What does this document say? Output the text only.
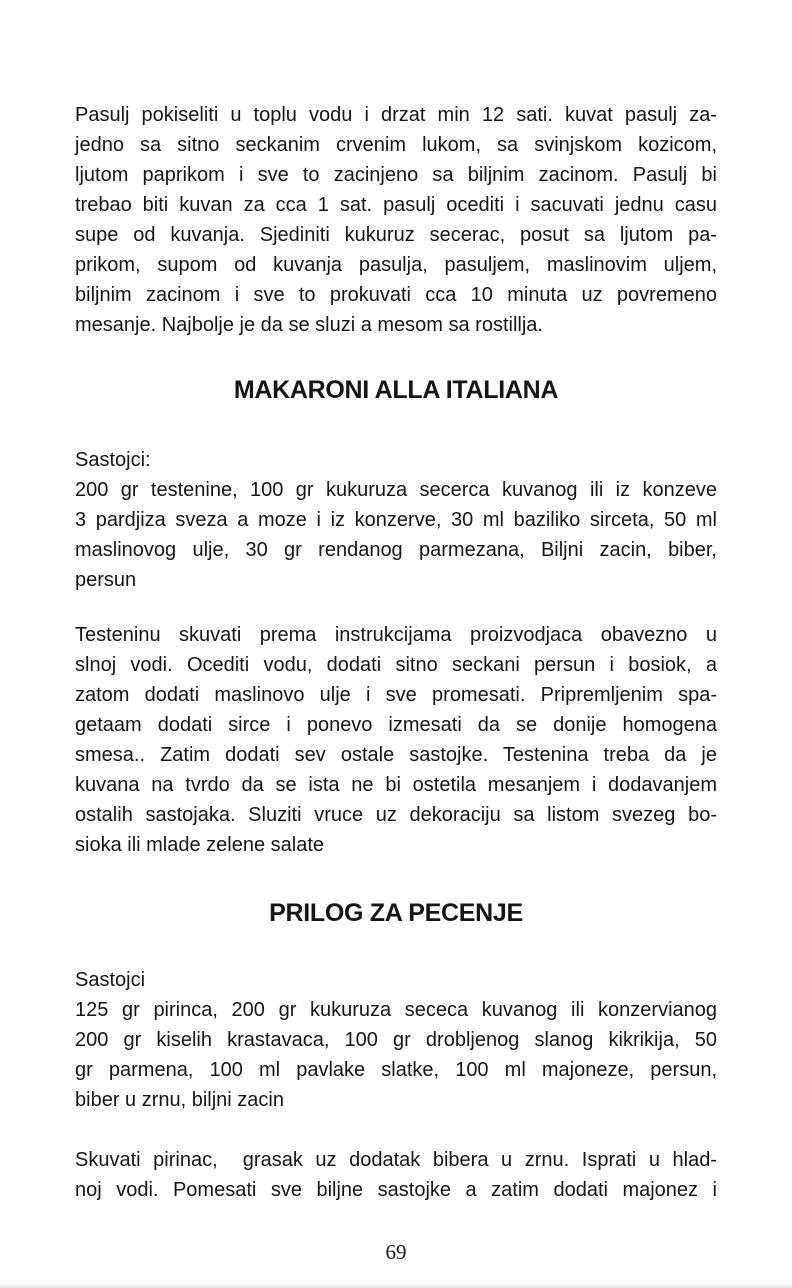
Pasulj pokiseliti u toplu vodu i drzat min 12 sati. kuvat pasulj za-
jedno sa sitno seckanim crvenim lukom, sa svinjskom kozicom,
ljutom paprikom i sve to zacinjeno sa biljnim zacinom. Pasulj bi
trebao biti kuvan za cca 1 sat. pasulj ocediti i sacuvati jednu casu
supe od kuvanja. Sjediniti kukuruz secerac, posut sa ljutom pa-
prikom, supom od kuvanja pasulja, pasuljem, maslinovim uljem,
biljnim zacinom i sve to prokuvati cca 10 minuta uz povremeno
mesanje. Najbolje je da se sluzi a mesom sa rostillja.
MAKARONI ALLA ITALIANA
Sastojci:
200 gr testenine, 100 gr kukuruza secerca kuvanog ili iz konzeve
3 pardjiza sveza a moze i iz konzerve, 30 ml baziliko sirceta, 50 ml
maslinovog ulje, 30 gr rendanog parmezana, Biljni zacin, biber,
persun
Testeninu skuvati prema instrukcijama proizvodjaca obavezno u
slnoj vodi. Ocediti vodu, dodati sitno seckani persun i bosiok, a
zatom dodati maslinovo ulje i sve promesati. Pripremljenim spa-
getaam dodati sirce i ponevo izmesati da se donije homogena
smesa.. Zatim dodati sev ostale sastojke. Testenina treba da je
kuvana na tvrdo da se ista ne bi ostetila mesanjem i dodavanjem
ostalih sastojaka. Sluziti vruce uz dekoraciju sa listom svezeg bo-
sioka ili mlade zelene salate
PRILOG ZA PECENJE
Sastojci
125 gr pirinca, 200 gr kukuruza sececa kuvanog ili konzervianog
200 gr kiselih krastavaca, 100 gr drobljenog slanog kikrikija, 50
gr parmena, 100 ml pavlake slatke, 100 ml majoneze, persun,
biber u zrnu, biljni zacin
Skuvati pirinac,  grasak uz dodatak bibera u zrnu. Isprati u hlad-
noj vodi. Pomesati sve biljne sastojke a zatim dodati majonez i
69
